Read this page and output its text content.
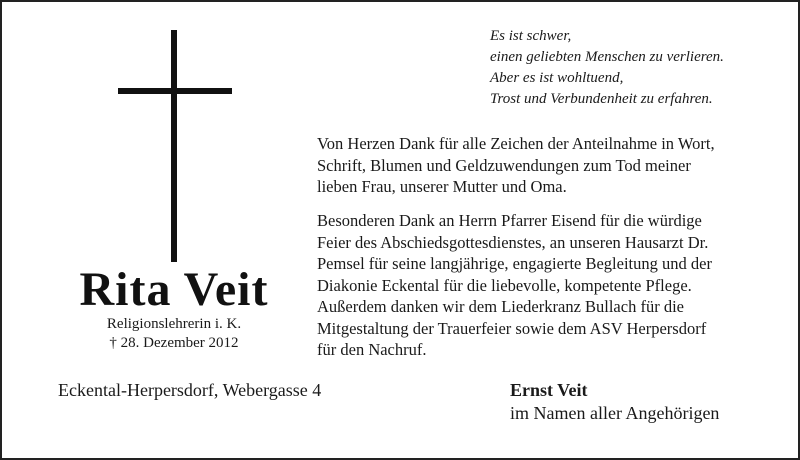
Rita Veit
Religionslehrerin i. K.
† 28. Dezember 2012
Es ist schwer,
einen geliebten Menschen zu verlieren.
Aber es ist wohltuend,
Trost und Verbundenheit zu erfahren.
Von Herzen Dank für alle Zeichen der Anteilnahme in Wort,
Schrift, Blumen und Geldzuwendungen zum Tod meiner
lieben Frau, unserer Mutter und Oma.
Besonderen Dank an Herrn Pfarrer Eisend für die würdige
Feier des Abschiedsgottesdienstes, an unseren Hausarzt Dr.
Pemsel für seine langjährige, engagierte Begleitung und der
Diakonie Eckental für die liebevolle, kompetente Pflege.
Außerdem danken wir dem Liederkranz Bullach für die
Mitgestaltung der Trauerfeier sowie dem ASV Herpersdorf
für den Nachruf.
Eckental-Herpersdorf, Webergasse 4	Ernst Veit
im Namen aller Angehörigen
